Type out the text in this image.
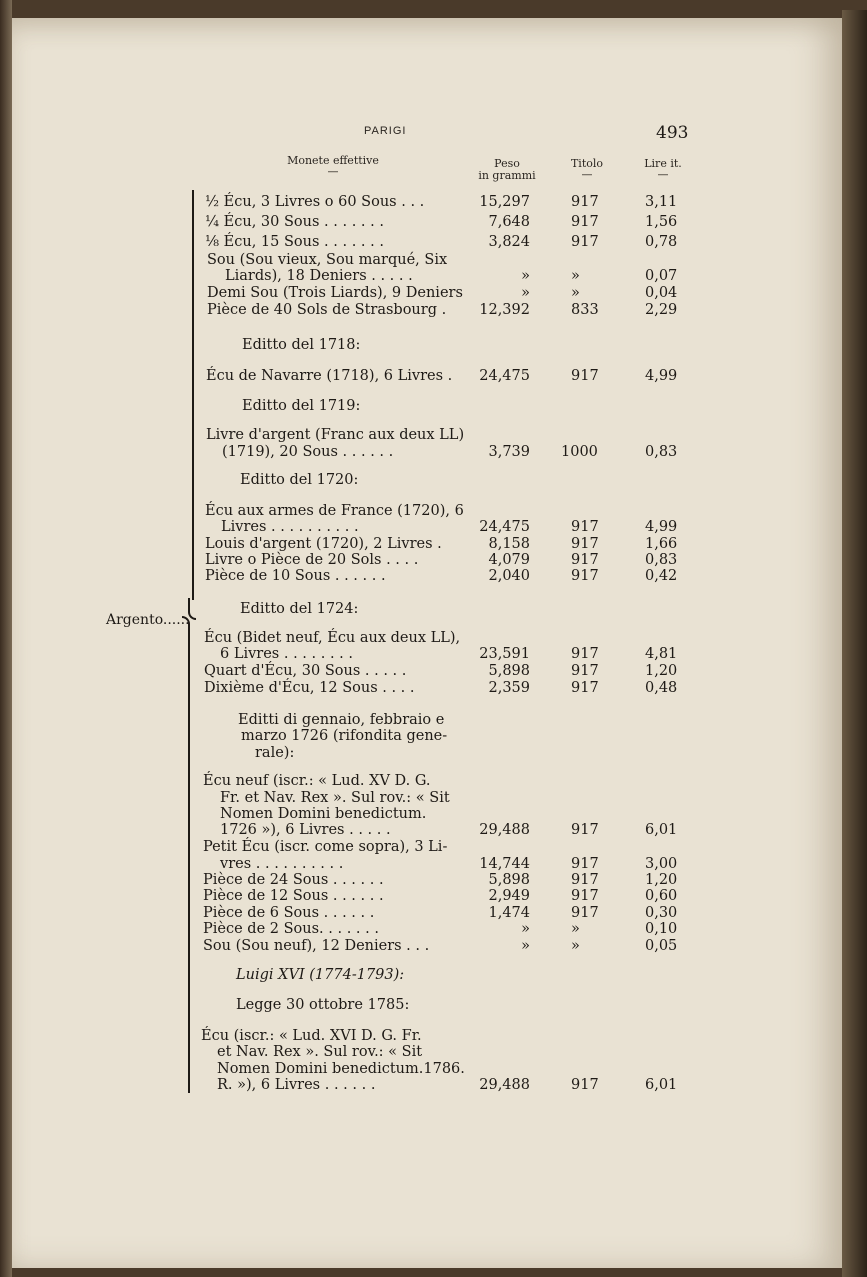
PARIGI	493
Monete effettive
—
Peso
in grammi
Titolo
—
Lire it.
—
Argento......
½ Écu, 3 Livres o 60 Sous . . .	15,297	917	3,11
¼ Écu, 30 Sous . . . . . . .	7,648	917	1,56
⅛ Écu, 15 Sous . . . . . . .	3,824	917	0,78
Sou (Sou vieux, Sou marqué, Six
Liards), 18 Deniers . . . . .	»	»	0,07
Demi Sou (Trois Liards), 9 Deniers	»	»	0,04
Pièce de 40 Sols de Strasbourg . 12,392	833	2,29
Editto del 1718:
Écu de Navarre (1718), 6 Livres . 24,475	917	4,99
Editto del 1719:
Livre d'argent (Franc aux deux LL)
(1719), 20 Sous . . . . . .	3,739 1000	0,83
Editto del 1720:
Écu aux armes de France (1720), 6
Livres . . . . . . . . . .	24,475	917	4,99
Louis d'argent (1720), 2 Livres .	8,158	917	1,66
Livre o Pièce de 20 Sols . . . .	4,079	917	0,83
Pièce de 10 Sous . . . . . .	2,040	917	0,42
Editto del 1724:
Écu (Bidet neuf, Écu aux deux LL),
6 Livres . . . . . . . .	23,591	917	4,81
Quart d'Écu, 30 Sous . . . . .	5,898	917	1,20
Dixième d'Écu, 12 Sous . . . .	2,359	917	0,48
Editti di gennaio, febbraio e
marzo 1726 (rifondita gene-
rale):
Écu neuf (iscr.: « Lud. XV D. G.
Fr. et Nav. Rex ». Sul rov.: « Sit
Nomen Domini benedictum.
1726 »), 6 Livres . . . . .	29,488	917	6,01
Petit Écu (iscr. come sopra), 3 Li-
vres . . . . . . . . . .	14,744	917	3,00
Pièce de 24 Sous . . . . . .	5,898	917	1,20
Pièce de 12 Sous . . . . . .	2,949	917	0,60
Pièce de 6 Sous . . . . . .	1,474	917	0,30
Pièce de 2 Sous. . . . . . .	»	»	0,10
Sou (Sou neuf), 12 Deniers . . .	»	»	0,05
Luigi XVI (1774-1793):
Legge 30 ottobre 1785:
Écu (iscr.: « Lud. XVI D. G. Fr.
et Nav. Rex ». Sul rov.: « Sit
Nomen Domini benedictum.1786.
R. »), 6 Livres . . . . . .	29,488	917	6,01
